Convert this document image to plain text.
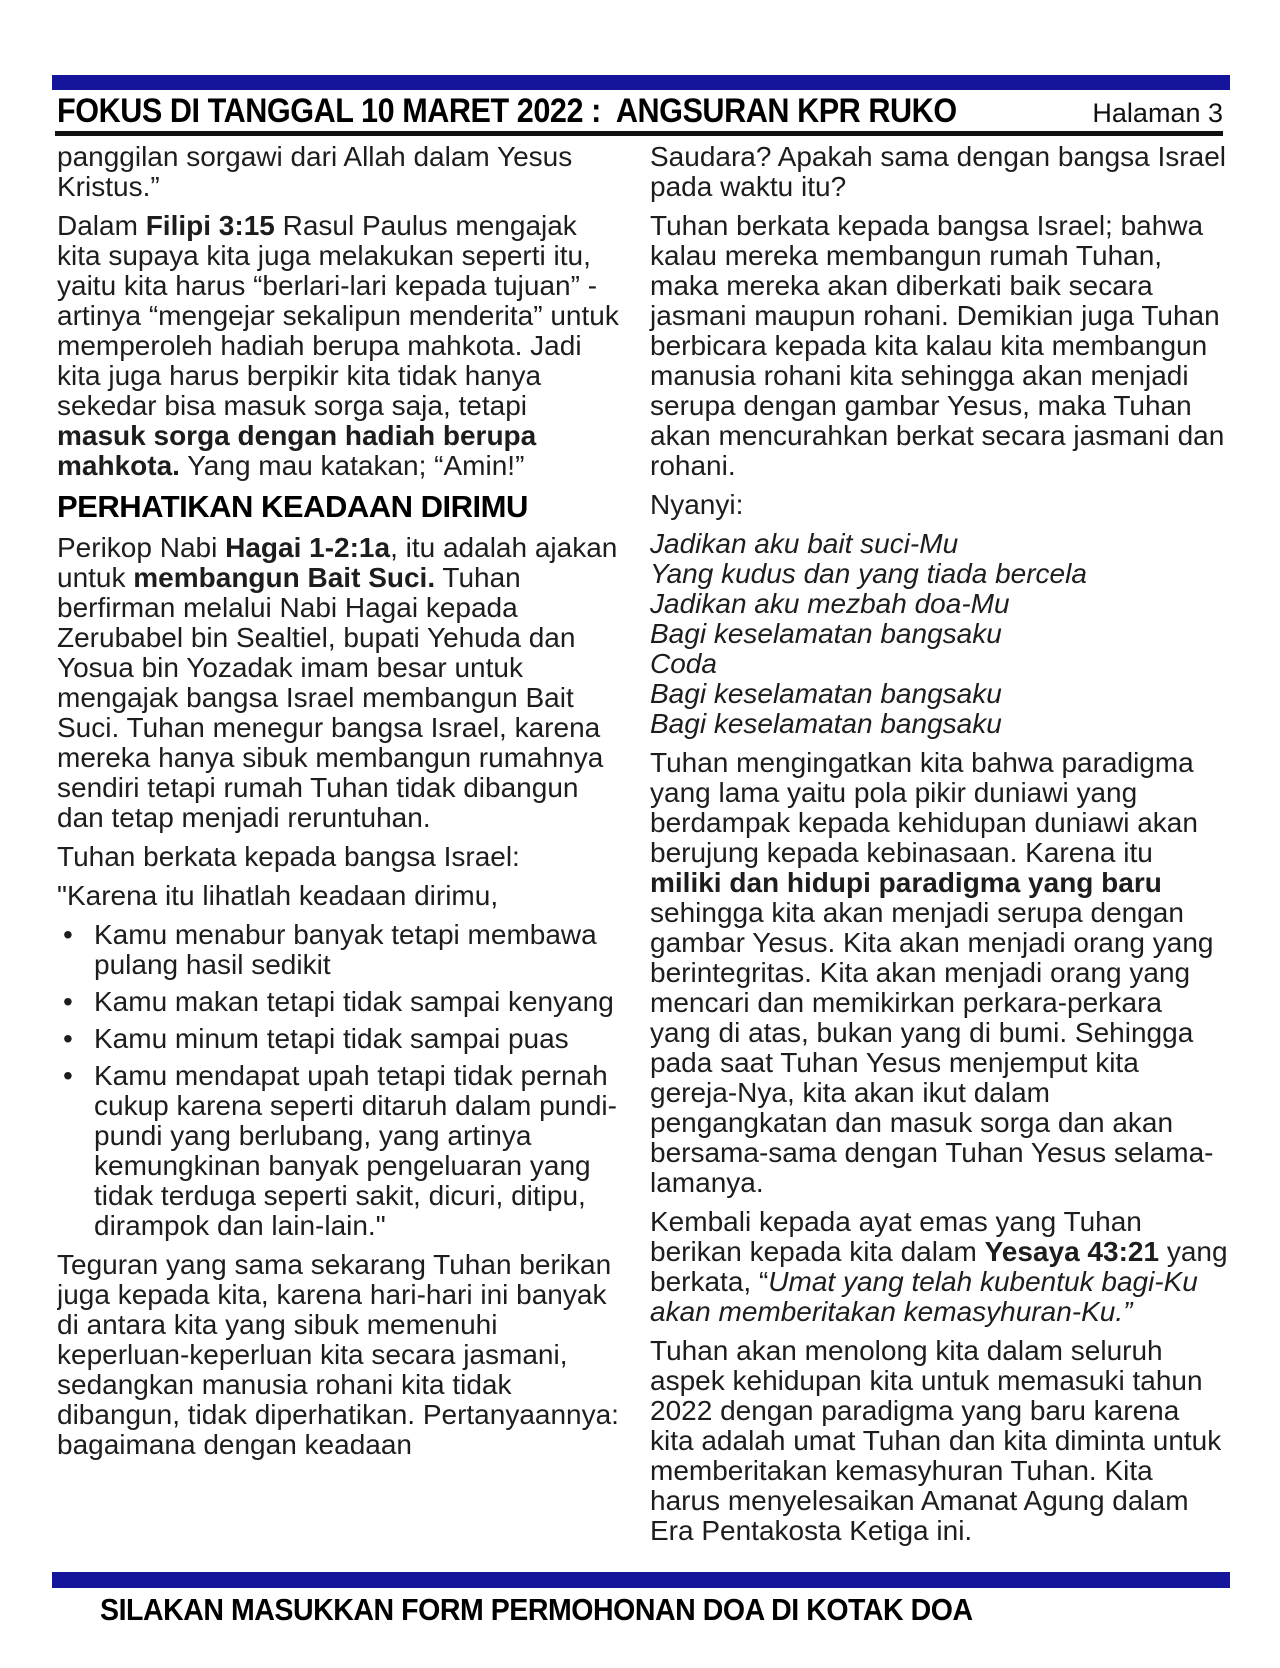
FOKUS DI TANGGAL 10 MARET 2022 :  ANGSURAN KPR RUKO	Halaman 3

panggilan sorgawi dari Allah dalam Yesus Kristus.”

Dalam Filipi 3:15 Rasul Paulus mengajak kita supaya kita juga melakukan seperti itu, yaitu kita harus “berlari-lari kepada tujuan” - artinya “mengejar sekalipun menderita” untuk memperoleh hadiah berupa mahkota. Jadi kita juga harus berpikir kita tidak hanya sekedar bisa masuk sorga saja, tetapi masuk sorga dengan hadiah berupa mahkota. Yang mau katakan; “Amin!”

PERHATIKAN KEADAAN DIRIMU

Perikop Nabi Hagai 1-2:1a, itu adalah ajakan untuk membangun Bait Suci. Tuhan berfirman melalui Nabi Hagai kepada Zerubabel bin Sealtiel, bupati Yehuda dan Yosua bin Yozadak imam besar untuk mengajak bangsa Israel membangun Bait Suci. Tuhan menegur bangsa Israel, karena mereka hanya sibuk membangun rumahnya sendiri tetapi rumah Tuhan tidak dibangun dan tetap menjadi reruntuhan.

Tuhan berkata kepada bangsa Israel:

"Karena itu lihatlah keadaan dirimu,

• Kamu menabur banyak tetapi membawa pulang hasil sedikit
• Kamu makan tetapi tidak sampai kenyang
• Kamu minum tetapi tidak sampai puas
• Kamu mendapat upah tetapi tidak pernah cukup karena seperti ditaruh dalam pundi-pundi yang berlubang, yang artinya kemungkinan banyak pengeluaran yang tidak terduga seperti sakit, dicuri, ditipu, dirampok dan lain-lain."

Teguran yang sama sekarang Tuhan berikan juga kepada kita, karena hari-hari ini banyak di antara kita yang sibuk memenuhi keperluan-keperluan kita secara jasmani, sedangkan manusia rohani kita tidak dibangun, tidak diperhatikan. Pertanyaannya: bagaimana dengan keadaan

Saudara? Apakah sama dengan bangsa Israel pada waktu itu?

Tuhan berkata kepada bangsa Israel; bahwa kalau mereka membangun rumah Tuhan, maka mereka akan diberkati baik secara jasmani maupun rohani. Demikian juga Tuhan berbicara kepada kita kalau kita membangun manusia rohani kita sehingga akan menjadi serupa dengan gambar Yesus, maka Tuhan akan mencurahkan berkat secara jasmani dan rohani.

Nyanyi:

Jadikan aku bait suci-Mu
Yang kudus dan yang tiada bercela
Jadikan aku mezbah doa-Mu
Bagi keselamatan bangsaku
Coda
Bagi keselamatan bangsaku
Bagi keselamatan bangsaku

Tuhan mengingatkan kita bahwa paradigma yang lama yaitu pola pikir duniawi yang berdampak kepada kehidupan duniawi akan berujung kepada kebinasaan. Karena itu miliki dan hidupi paradigma yang baru sehingga kita akan menjadi serupa dengan gambar Yesus. Kita akan menjadi orang yang berintegritas. Kita akan menjadi orang yang mencari dan memikirkan perkara-perkara yang di atas, bukan yang di bumi. Sehingga pada saat Tuhan Yesus menjemput kita gereja-Nya, kita akan ikut dalam pengangkatan dan masuk sorga dan akan bersama-sama dengan Tuhan Yesus selama-lamanya.

Kembali kepada ayat emas yang Tuhan berikan kepada kita dalam Yesaya 43:21 yang berkata, “Umat yang telah kubentuk bagi-Ku akan memberitakan kemasyhuran-Ku.”

Tuhan akan menolong kita dalam seluruh aspek kehidupan kita untuk memasuki tahun 2022 dengan paradigma yang baru karena kita adalah umat Tuhan dan kita diminta untuk memberitakan kemasyhuran Tuhan. Kita harus menyelesaikan Amanat Agung dalam Era Pentakosta Ketiga ini.

SILAKAN MASUKKAN FORM PERMOHONAN DOA DI KOTAK DOA
